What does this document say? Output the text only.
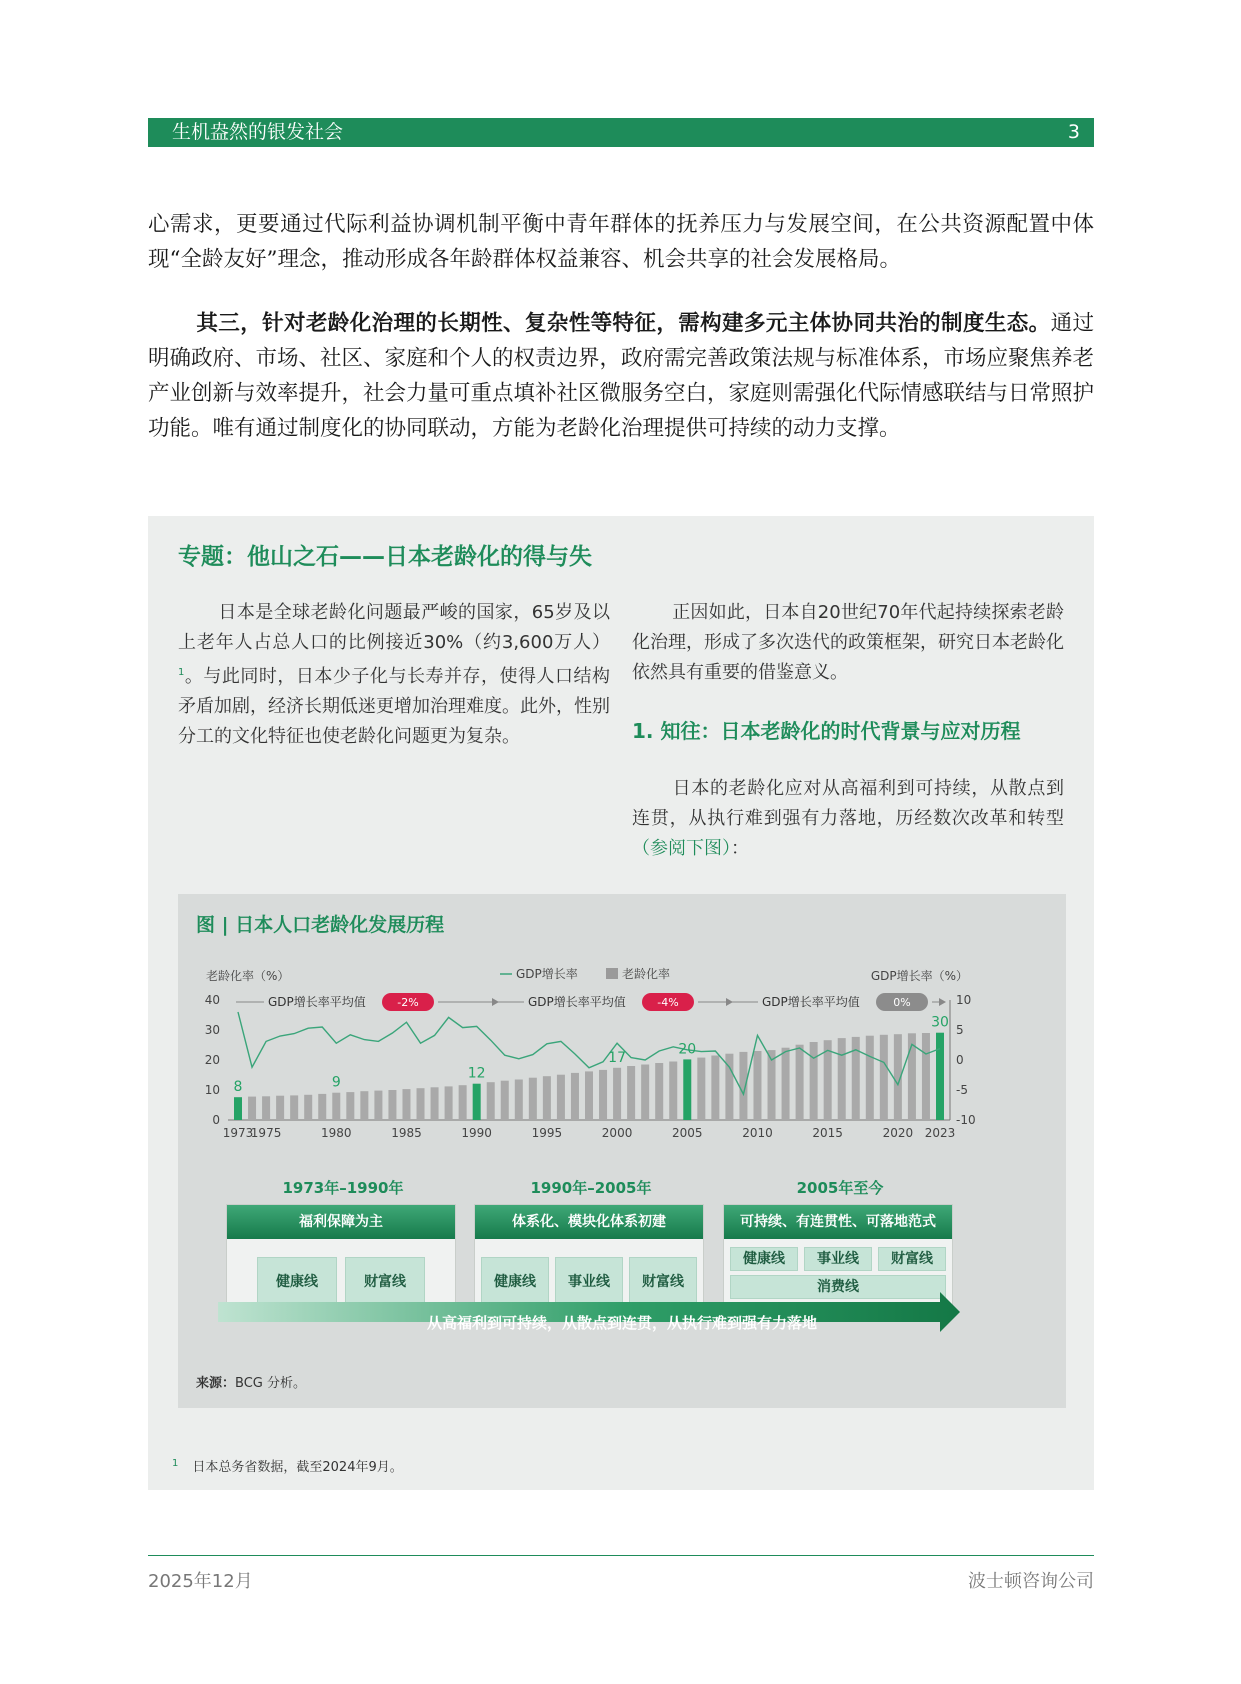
生机盎然的银发社会	3
心需求，更要通过代际利益协调机制平衡中青年群体的抚养压力与发展空间，在公共资源配置中体现“全龄友好”理念，推动形成各年龄群体权益兼容、机会共享的社会发展格局。
其三，针对老龄化治理的长期性、复杂性等特征，需构建多元主体协同共治的制度生态。通过明确政府、市场、社区、家庭和个人的权责边界，政府需完善政策法规与标准体系，市场应聚焦养老产业创新与效率提升，社会力量可重点填补社区微服务空白，家庭则需强化代际情感联结与日常照护功能。唯有通过制度化的协同联动，方能为老龄化治理提供可持续的动力支撑。
专题：他山之石——日本老龄化的得与失
日本是全球老龄化问题最严峻的国家，65岁及以上老年人占总人口的比例接近30%（约3,600万人）$^1$。与此同时，日本少子化与长寿并存，使得人口结构矛盾加剧，经济长期低迷更增加治理难度。此外，性别分工的文化特征也使老龄化问题更为复杂。
正因如此，日本自20世纪70年代起持续探索老龄化治理，形成了多次迭代的政策框架，研究日本老龄化依然具有重要的借鉴意义。
1. 知往：日本老龄化的时代背景与应对历程
日本的老龄化应对从高福利到可持续，从散点到连贯，从执行难到强有力落地，历经数次改革和转型（参阅下图）：
图 | 日本人口老龄化发展历程
老龄化率（%）	GDP增长率（%）
GDP增长率	老龄化率
0
10
20
30
40
-10
-5
0
5
10
1973
1975	1980	1985	1990	1995	2000	2005	2010	2015	2020 2023
8	9
12
17
20
30
GDP增长率平均值	-2%	GDP增长率平均值	-4%	GDP增长率平均值	0%
1973年–1990年	1990年–2005年	2005年至今
福利保障为主
健康线	财富线
体系化、模块化体系初建
健康线	事业线	财富线
可持续、有连贯性、可落地范式
健康线	事业线	财富线
消费线
从高福利到可持续，从散点到连贯，从执行难到强有力落地
来源：BCG 分析。
$^1$ 日本总务省数据，截至2024年9月。
2025年12月	波士顿咨询公司
